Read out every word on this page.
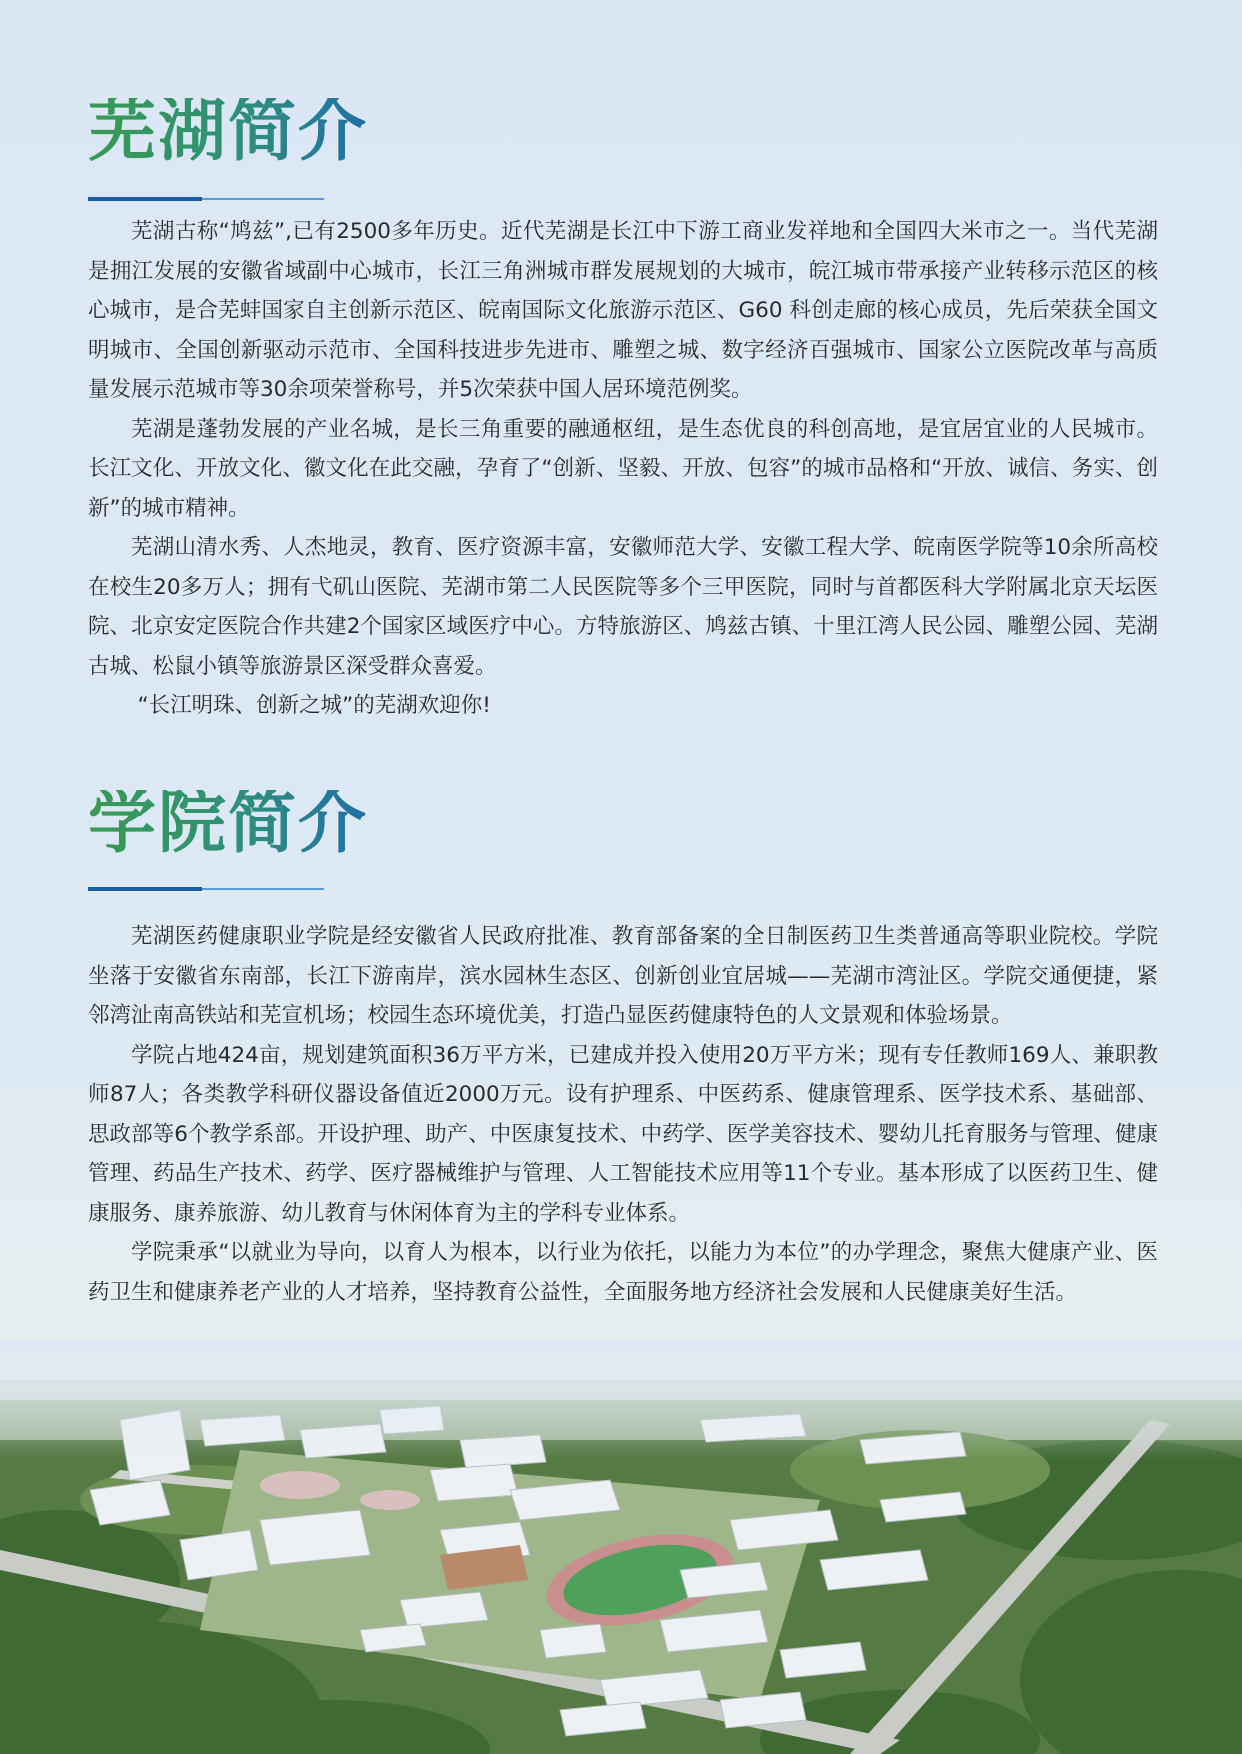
芜湖简介

芜湖古称“鸠兹”,已有2500多年历史。近代芜湖是长江中下游工商业发祥地和全国四大米市之一。当代芜湖是拥江发展的安徽省域副中心城市，长江三角洲城市群发展规划的大城市，皖江城市带承接产业转移示范区的核心城市，是合芜蚌国家自主创新示范区、皖南国际文化旅游示范区、G60 科创走廊的核心成员，先后荣获全国文明城市、全国创新驱动示范市、全国科技进步先进市、雕塑之城、数字经济百强城市、国家公立医院改革与高质量发展示范城市等30余项荣誉称号，并5次荣获中国人居环境范例奖。

芜湖是蓬勃发展的产业名城，是长三角重要的融通枢纽，是生态优良的科创高地，是宜居宜业的人民城市。长江文化、开放文化、徽文化在此交融，孕育了“创新、坚毅、开放、包容”的城市品格和“开放、诚信、务实、创新”的城市精神。

芜湖山清水秀、人杰地灵，教育、医疗资源丰富，安徽师范大学、安徽工程大学、皖南医学院等10余所高校在校生20多万人；拥有弋矶山医院、芜湖市第二人民医院等多个三甲医院，同时与首都医科大学附属北京天坛医院、北京安定医院合作共建2个国家区域医疗中心。方特旅游区、鸠兹古镇、十里江湾人民公园、雕塑公园、芜湖古城、松鼠小镇等旅游景区深受群众喜爱。

“长江明珠、创新之城”的芜湖欢迎你!

学院简介

芜湖医药健康职业学院是经安徽省人民政府批准、教育部备案的全日制医药卫生类普通高等职业院校。学院坐落于安徽省东南部，长江下游南岸，滨水园林生态区、创新创业宜居城——芜湖市湾沚区。学院交通便捷，紧邻湾沚南高铁站和芜宣机场；校园生态环境优美，打造凸显医药健康特色的人文景观和体验场景。

学院占地424亩，规划建筑面积36万平方米，已建成并投入使用20万平方米；现有专任教师169人、兼职教师87人；各类教学科研仪器设备值近2000万元。设有护理系、中医药系、健康管理系、医学技术系、基础部、思政部等6个教学系部。开设护理、助产、中医康复技术、中药学、医学美容技术、婴幼儿托育服务与管理、健康管理、药品生产技术、药学、医疗器械维护与管理、人工智能技术应用等11个专业。基本形成了以医药卫生、健康服务、康养旅游、幼儿教育与休闲体育为主的学科专业体系。

学院秉承“以就业为导向，以育人为根本，以行业为依托，以能力为本位”的办学理念，聚焦大健康产业、医药卫生和健康养老产业的人才培养，坚持教育公益性，全面服务地方经济社会发展和人民健康美好生活。
